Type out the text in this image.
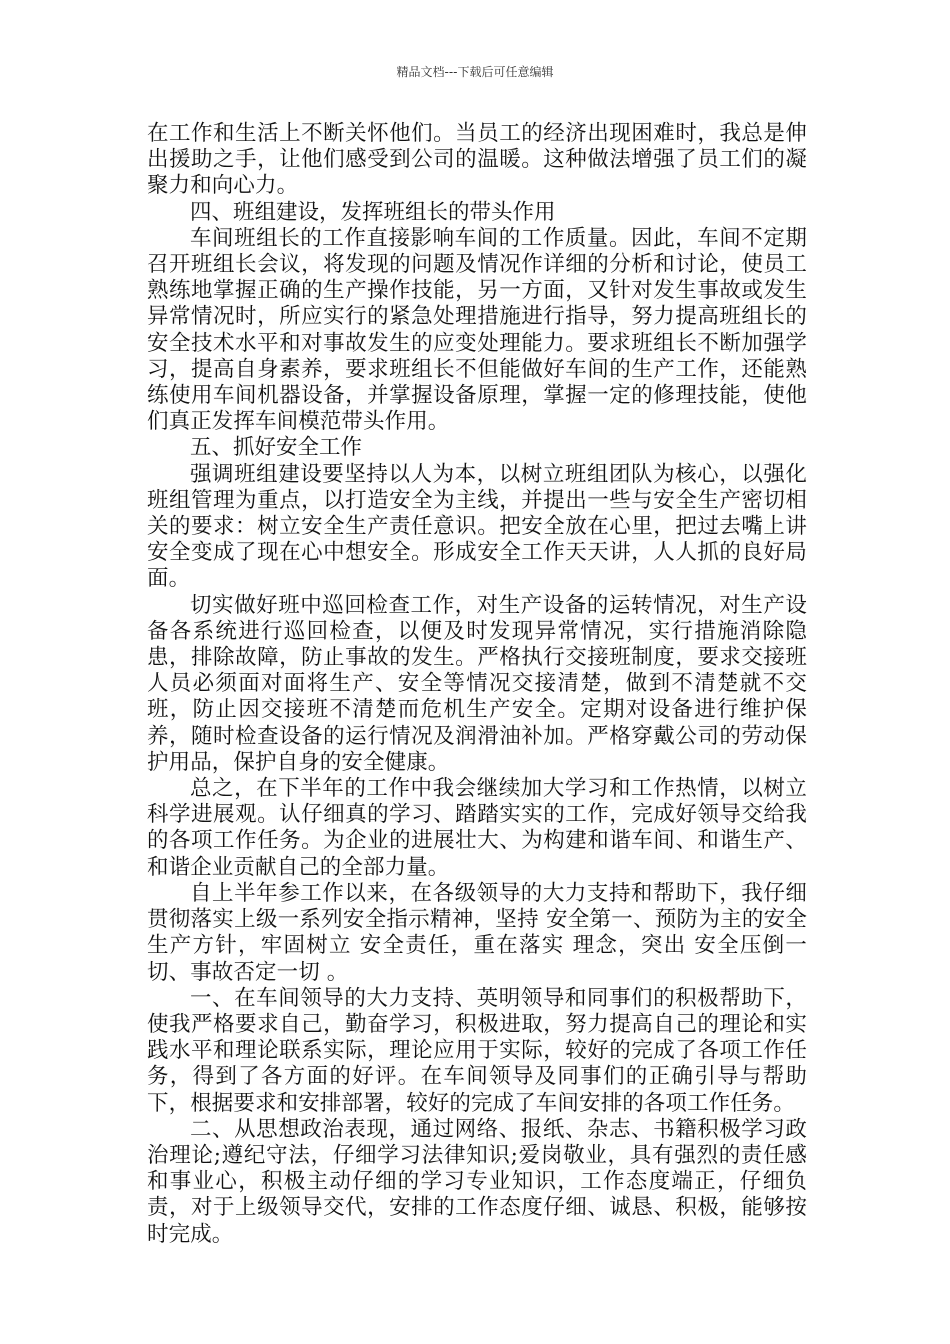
精品文档---下载后可任意编辑

在工作和生活上不断关怀他们。当员工的经济出现困难时，我总是伸出援助之手，让他们感受到公司的温暖。这种做法增强了员工们的凝聚力和向心力。

四、班组建设，发挥班组长的带头作用

车间班组长的工作直接影响车间的工作质量。因此，车间不定期召开班组长会议，将发现的问题及情况作详细的分析和讨论，使员工熟练地掌握正确的生产操作技能，另一方面，又针对发生事故或发生异常情况时，所应实行的紧急处理措施进行指导，努力提高班组长的安全技术水平和对事故发生的应变处理能力。要求班组长不断加强学习，提高自身素养，要求班组长不但能做好车间的生产工作，还能熟练使用车间机器设备，并掌握设备原理，掌握一定的修理技能，使他们真正发挥车间模范带头作用。

五、抓好安全工作

强调班组建设要坚持以人为本，以树立班组团队为核心，以强化班组管理为重点，以打造安全为主线，并提出一些与安全生产密切相关的要求：树立安全生产责任意识。把安全放在心里，把过去嘴上讲安全变成了现在心中想安全。形成安全工作天天讲，人人抓的良好局面。

切实做好班中巡回检查工作，对生产设备的运转情况，对生产设备各系统进行巡回检查，以便及时发现异常情况，实行措施消除隐患，排除故障，防止事故的发生。严格执行交接班制度，要求交接班人员必须面对面将生产、安全等情况交接清楚，做到不清楚就不交班，防止因交接班不清楚而危机生产安全。定期对设备进行维护保养，随时检查设备的运行情况及润滑油补加。严格穿戴公司的劳动保护用品，保护自身的安全健康。

总之，在下半年的工作中我会继续加大学习和工作热情，以树立科学进展观。认仔细真的学习、踏踏实实的工作，完成好领导交给我的各项工作任务。为企业的进展壮大、为构建和谐车间、和谐生产、和谐企业贡献自己的全部力量。

自上半年参工作以来，在各级领导的大力支持和帮助下，我仔细贯彻落实上级一系列安全指示精神，坚持 安全第一、预防为主的安全生产方针，牢固树立 安全责任，重在落实 理念，突出 安全压倒一切、事故否定一切 。

一、在车间领导的大力支持、英明领导和同事们的积极帮助下，使我严格要求自己，勤奋学习，积极进取，努力提高自己的理论和实践水平和理论联系实际，理论应用于实际，较好的完成了各项工作任务，得到了各方面的好评。在车间领导及同事们的正确引导与帮助下，根据要求和安排部署，较好的完成了车间安排的各项工作任务。

二、从思想政治表现，通过网络、报纸、杂志、书籍积极学习政治理论;遵纪守法，仔细学习法律知识;爱岗敬业，具有强烈的责任感和事业心，积极主动仔细的学习专业知识，工作态度端正，仔细负责，对于上级领导交代，安排的工作态度仔细、诚恳、积极，能够按时完成。
